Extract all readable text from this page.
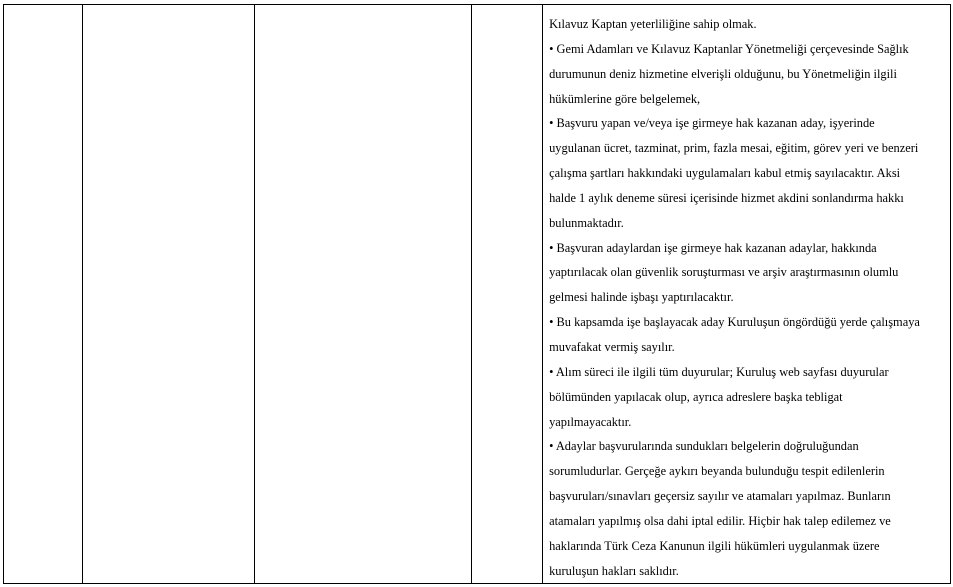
Kılavuz Kaptan yeterliliğine sahip olmak.
• Gemi Adamları ve Kılavuz Kaptanlar Yönetmeliği çerçevesinde Sağlık
durumunun deniz hizmetine elverişli olduğunu, bu Yönetmeliğin ilgili
hükümlerine göre belgelemek,
• Başvuru yapan ve/veya işe girmeye hak kazanan aday, işyerinde
uygulanan ücret, tazminat, prim, fazla mesai, eğitim, görev yeri ve benzeri
çalışma şartları hakkındaki uygulamaları kabul etmiş sayılacaktır. Aksi
halde 1 aylık deneme süresi içerisinde hizmet akdini sonlandırma hakkı
bulunmaktadır.
• Başvuran adaylardan işe girmeye hak kazanan adaylar, hakkında
yaptırılacak olan güvenlik soruşturması ve arşiv araştırmasının olumlu
gelmesi halinde işbaşı yaptırılacaktır.
• Bu kapsamda işe başlayacak aday Kuruluşun öngördüğü yerde çalışmaya
muvafakat vermiş sayılır.
• Alım süreci ile ilgili tüm duyurular; Kuruluş web sayfası duyurular
bölümünden yapılacak olup, ayrıca adreslere başka tebligat
yapılmayacaktır.
• Adaylar başvurularında sundukları belgelerin doğruluğundan
sorumludurlar. Gerçeğe aykırı beyanda bulunduğu tespit edilenlerin
başvuruları/sınavları geçersiz sayılır ve atamaları yapılmaz. Bunların
atamaları yapılmış olsa dahi iptal edilir. Hiçbir hak talep edilemez ve
haklarında Türk Ceza Kanunun ilgili hükümleri uygulanmak üzere
kuruluşun hakları saklıdır.
